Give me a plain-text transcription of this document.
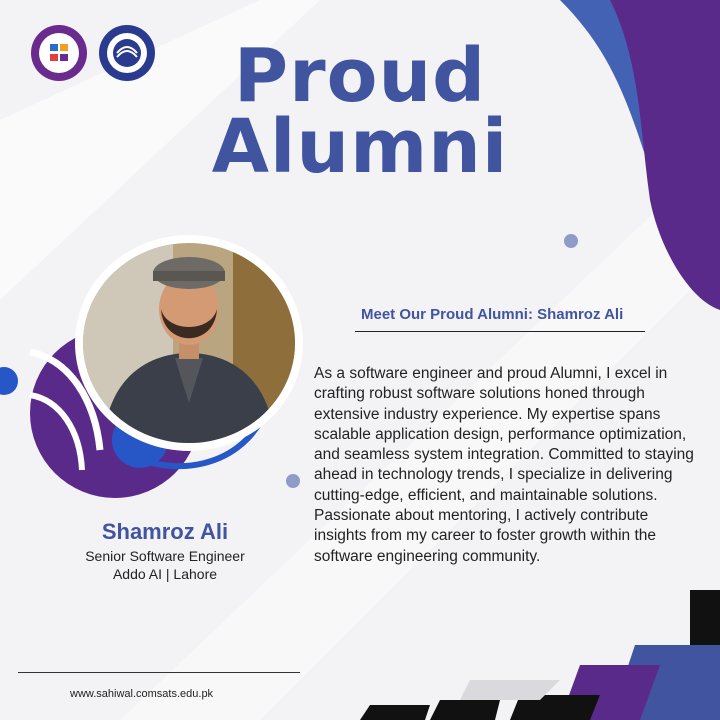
Proud
Alumni
Meet Our Proud Alumni: Shamroz Ali
As a software engineer and proud Alumni, I excel in crafting robust software solutions honed through extensive industry experience. My expertise spans scalable application design, performance optimization, and seamless system integration. Committed to staying ahead in technology trends, I specialize in delivering cutting-edge, efficient, and maintainable solutions. Passionate about mentoring, I actively contribute insights from my career to foster growth within the software engineering community.
Shamroz Ali
Senior Software Engineer
Addo AI | Lahore
www.sahiwal.comsats.edu.pk
